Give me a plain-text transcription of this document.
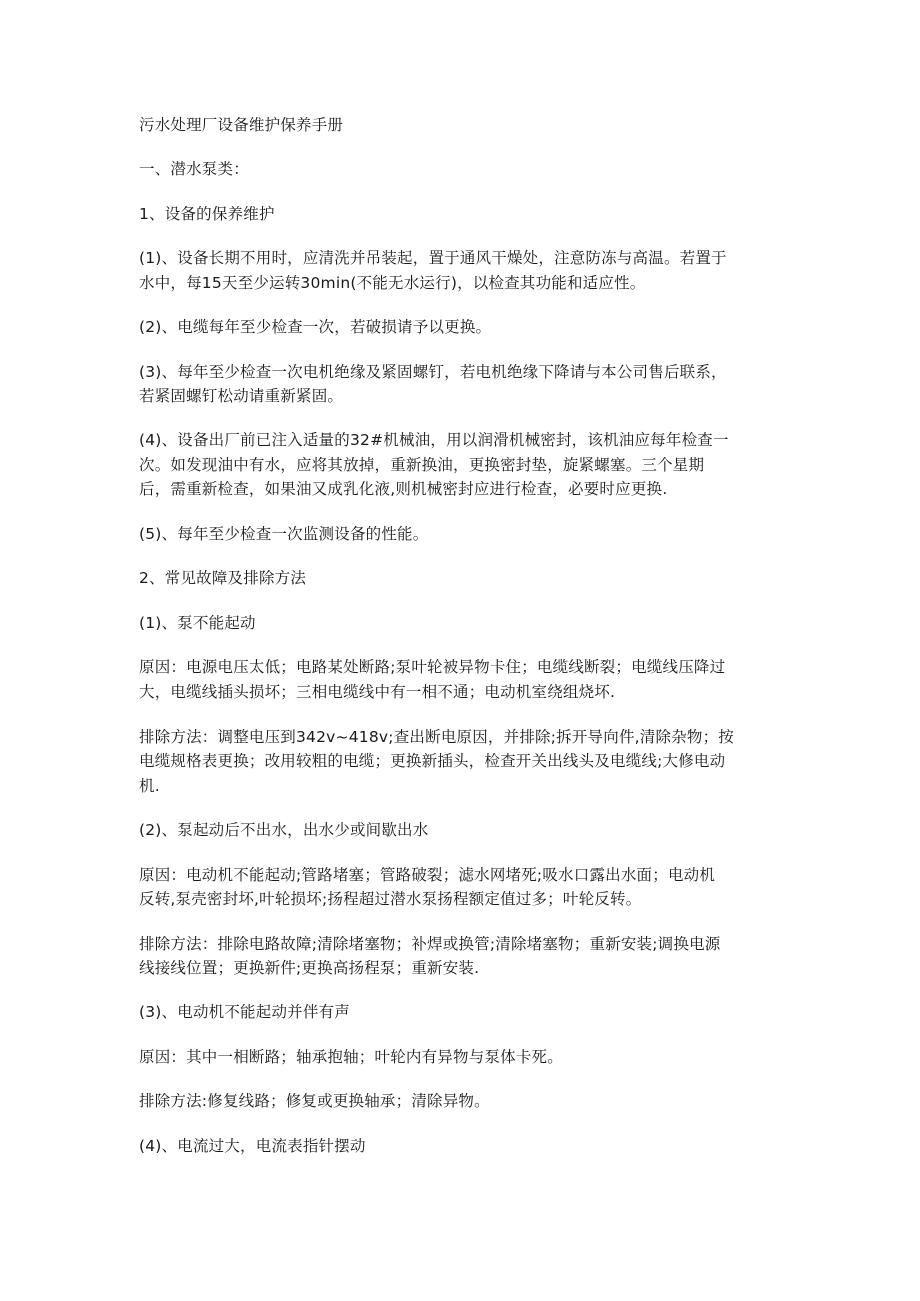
污水处理厂设备维护保养手册
一、潜水泵类：
1、设备的保养维护
(1)、设备长期不用时，应清洗并吊装起，置于通风干燥处，注意防冻与高温。若置于
水中，每15天至少运转30min(不能无水运行)，以检查其功能和适应性。
(2)、电缆每年至少检查一次，若破损请予以更换。
(3)、每年至少检查一次电机绝缘及紧固螺钉，若电机绝缘下降请与本公司售后联系，
若紧固螺钉松动请重新紧固。
(4)、设备出厂前已注入适量的32#机械油，用以润滑机械密封，该机油应每年检查一
次。如发现油中有水，应将其放掉，重新换油，更换密封垫，旋紧螺塞。三个星期
后，需重新检查，如果油又成乳化液,则机械密封应进行检查，必要时应更换.
(5)、每年至少检查一次监测设备的性能。
2、常见故障及排除方法
(1)、泵不能起动
原因：电源电压太低；电路某处断路;泵叶轮被异物卡住；电缆线断裂；电缆线压降过
大，电缆线插头损坏；三相电缆线中有一相不通；电动机室绕组烧坏.
排除方法：调整电压到342v~418v;查出断电原因，并排除;拆开导向件,清除杂物；按
电缆规格表更换；改用较粗的电缆；更换新插头，检查开关出线头及电缆线;大修电动
机.
(2)、泵起动后不出水，出水少或间歇出水
原因：电动机不能起动;管路堵塞；管路破裂；滤水网堵死;吸水口露出水面；电动机
反转,泵壳密封坏,叶轮损坏;扬程超过潜水泵扬程额定值过多；叶轮反转。
排除方法：排除电路故障;清除堵塞物；补焊或换管;清除堵塞物；重新安装;调换电源
线接线位置；更换新件;更换高扬程泵；重新安装.
(3)、电动机不能起动并伴有声
原因：其中一相断路；轴承抱轴；叶轮内有异物与泵体卡死。
排除方法:修复线路；修复或更换轴承；清除异物。
(4)、电流过大，电流表指针摆动
